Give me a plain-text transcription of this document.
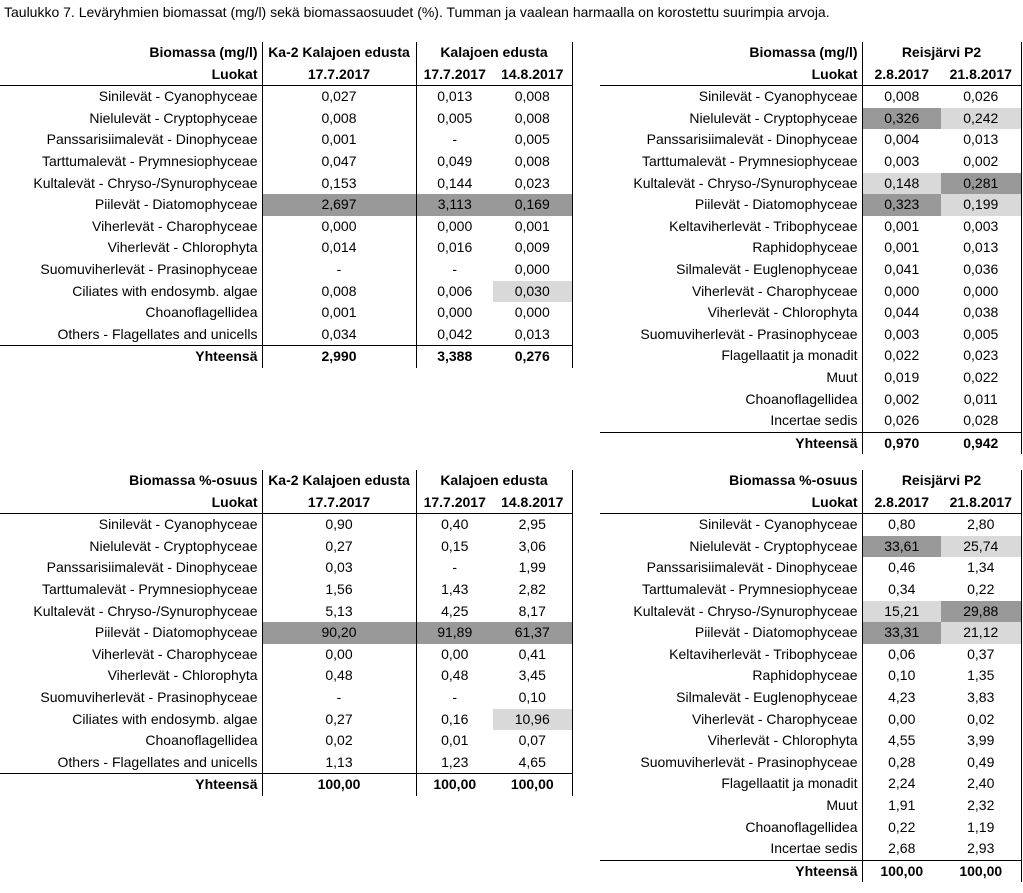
Taulukko 7. Leväryhmien biomassat (mg/l) sekä biomassaosuudet (%). Tumman ja vaalean harmaalla on korostettu suurimpia arvoja.
Biomassa (mg/l)	Ka-2 Kalajoen edusta	Kalajoen edusta	
Luokat	17.7.2017	17.7.2017	14.8.2017
Sinilevät - Cyanophyceae	0,027	0,013	0,008
Nielulevät - Cryptophyceae	0,008	0,005	0,008
Panssarisiimalevät - Dinophyceae	0,001	-	0,005
Tarttumalevät - Prymnesiophyceae	0,047	0,049	0,008
Kultalevät - Chryso-/Synurophyceae	0,153	0,144	0,023
Piilevät - Diatomophyceae	2,697	3,113	0,169
Viherlevät - Charophyceae	0,000	0,000	0,001
Viherlevät - Chlorophyta	0,014	0,016	0,009
Suomuviherlevät - Prasinophyceae	-	-	0,000
Ciliates with endosymb. algae	0,008	0,006	0,030
Choanoflagellidea	0,001	0,000	0,000
Others - Flagellates and unicells	0,034	0,042	0,013
Yhteensä	2,990	3,388	0,276
Biomassa (mg/l)	Reisjärvi P2	
Luokat	2.8.2017	21.8.2017
Sinilevät - Cyanophyceae	0,008	0,026
Nielulevät - Cryptophyceae	0,326	0,242
Panssarisiimalevät - Dinophyceae	0,004	0,013
Tarttumalevät - Prymnesiophyceae	0,003	0,002
Kultalevät - Chryso-/Synurophyceae	0,148	0,281
Piilevät - Diatomophyceae	0,323	0,199
Keltaviherlevät - Tribophyceae	0,001	0,003
Raphidophyceae	0,001	0,013
Silmalevät - Euglenophyceae	0,041	0,036
Viherlevät - Charophyceae	0,000	0,000
Viherlevät - Chlorophyta	0,044	0,038
Suomuviherlevät - Prasinophyceae	0,003	0,005
Flagellaatit ja monadit	0,022	0,023
Muut	0,019	0,022
Choanoflagellidea	0,002	0,011
Incertae sedis	0,026	0,028
Yhteensä	0,970	0,942
Biomassa %-osuus	Ka-2 Kalajoen edusta	Kalajoen edusta	
Luokat	17.7.2017	17.7.2017	14.8.2017
Sinilevät - Cyanophyceae	0,90	0,40	2,95
Nielulevät - Cryptophyceae	0,27	0,15	3,06
Panssarisiimalevät - Dinophyceae	0,03	-	1,99
Tarttumalevät - Prymnesiophyceae	1,56	1,43	2,82
Kultalevät - Chryso-/Synurophyceae	5,13	4,25	8,17
Piilevät - Diatomophyceae	90,20	91,89	61,37
Viherlevät - Charophyceae	0,00	0,00	0,41
Viherlevät - Chlorophyta	0,48	0,48	3,45
Suomuviherlevät - Prasinophyceae	-	-	0,10
Ciliates with endosymb. algae	0,27	0,16	10,96
Choanoflagellidea	0,02	0,01	0,07
Others - Flagellates and unicells	1,13	1,23	4,65
Yhteensä	100,00	100,00	100,00
Biomassa %-osuus	Reisjärvi P2	
Luokat	2.8.2017	21.8.2017
Sinilevät - Cyanophyceae	0,80	2,80
Nielulevät - Cryptophyceae	33,61	25,74
Panssarisiimalevät - Dinophyceae	0,46	1,34
Tarttumalevät - Prymnesiophyceae	0,34	0,22
Kultalevät - Chryso-/Synurophyceae	15,21	29,88
Piilevät - Diatomophyceae	33,31	21,12
Keltaviherlevät - Tribophyceae	0,06	0,37
Raphidophyceae	0,10	1,35
Silmalevät - Euglenophyceae	4,23	3,83
Viherlevät - Charophyceae	0,00	0,02
Viherlevät - Chlorophyta	4,55	3,99
Suomuviherlevät - Prasinophyceae	0,28	0,49
Flagellaatit ja monadit	2,24	2,40
Muut	1,91	2,32
Choanoflagellidea	0,22	1,19
Incertae sedis	2,68	2,93
Yhteensä	100,00	100,00
